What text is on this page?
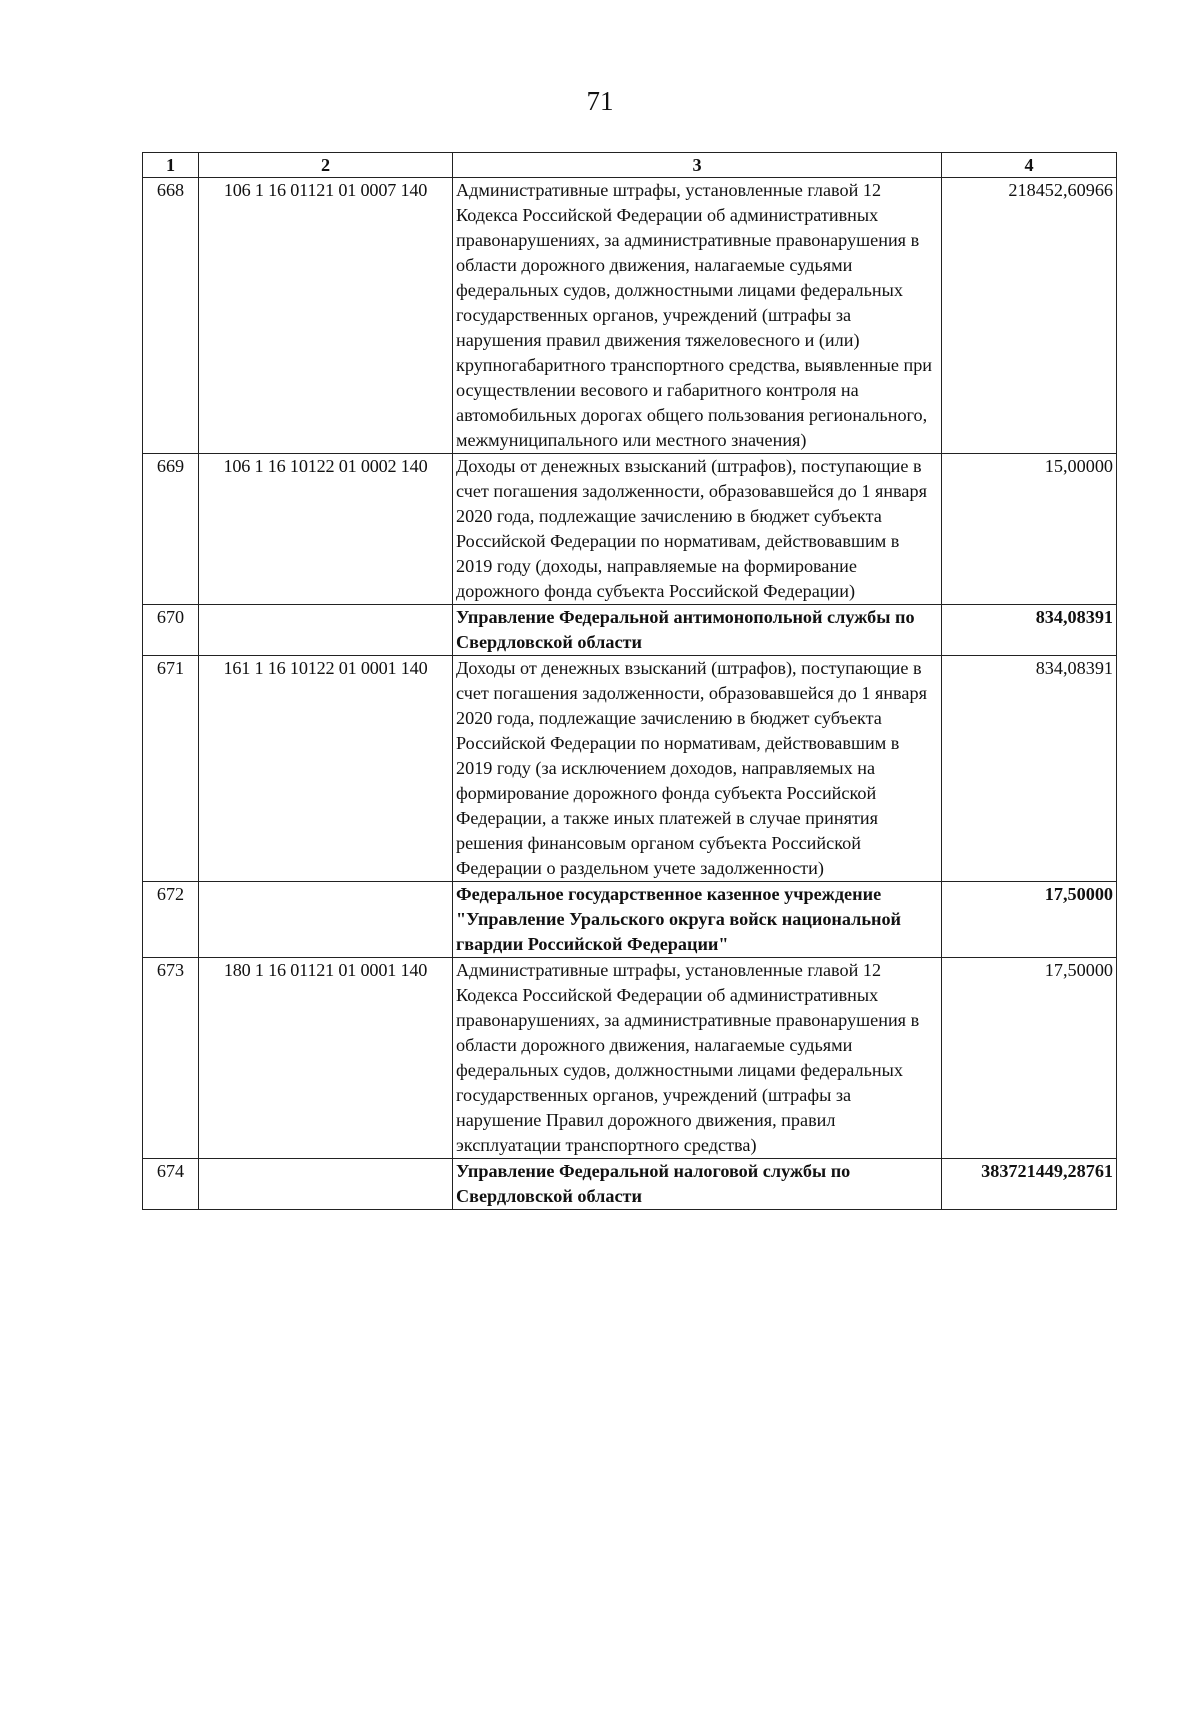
71
1	2	3	4
668	106 1 16 01121 01 0007 140	Административные штрафы, установленные главой 12 Кодекса Российской Федерации об административных правонарушениях, за административные правонарушения в области дорожного движения, налагаемые судьями федеральных судов, должностными лицами федеральных государственных органов, учреждений (штрафы за нарушения правил движения тяжеловесного и (или) крупногабаритного транспортного средства, выявленные при осуществлении весового и габаритного контроля на автомобильных дорогах общего пользования регионального, межмуниципального или местного значения)	218452,60966
669	106 1 16 10122 01 0002 140	Доходы от денежных взысканий (штрафов), поступающие в счет погашения задолженности, образовавшейся до 1 января 2020 года, подлежащие зачислению в бюджет субъекта Российской Федерации по нормативам, действовавшим в 2019 году (доходы, направляемые на формирование дорожного фонда субъекта Российской Федерации)	15,00000
670		Управление Федеральной антимонопольной службы по Свердловской области	834,08391
671	161 1 16 10122 01 0001 140	Доходы от денежных взысканий (штрафов), поступающие в счет погашения задолженности, образовавшейся до 1 января 2020 года, подлежащие зачислению в бюджет субъекта Российской Федерации по нормативам, действовавшим в 2019 году (за исключением доходов, направляемых на формирование дорожного фонда субъекта Российской Федерации, а также иных платежей в случае принятия решения финансовым органом субъекта Российской Федерации о раздельном учете задолженности)	834,08391
672		Федеральное государственное казенное учреждение "Управление Уральского округа войск национальной гвардии Российской Федерации"	17,50000
673	180 1 16 01121 01 0001 140	Административные штрафы, установленные главой 12 Кодекса Российской Федерации об административных правонарушениях, за административные правонарушения в области дорожного движения, налагаемые судьями федеральных судов, должностными лицами федеральных государственных органов, учреждений (штрафы за нарушение Правил дорожного движения, правил эксплуатации транспортного средства)	17,50000
674		Управление Федеральной налоговой службы по Свердловской области	383721449,28761
